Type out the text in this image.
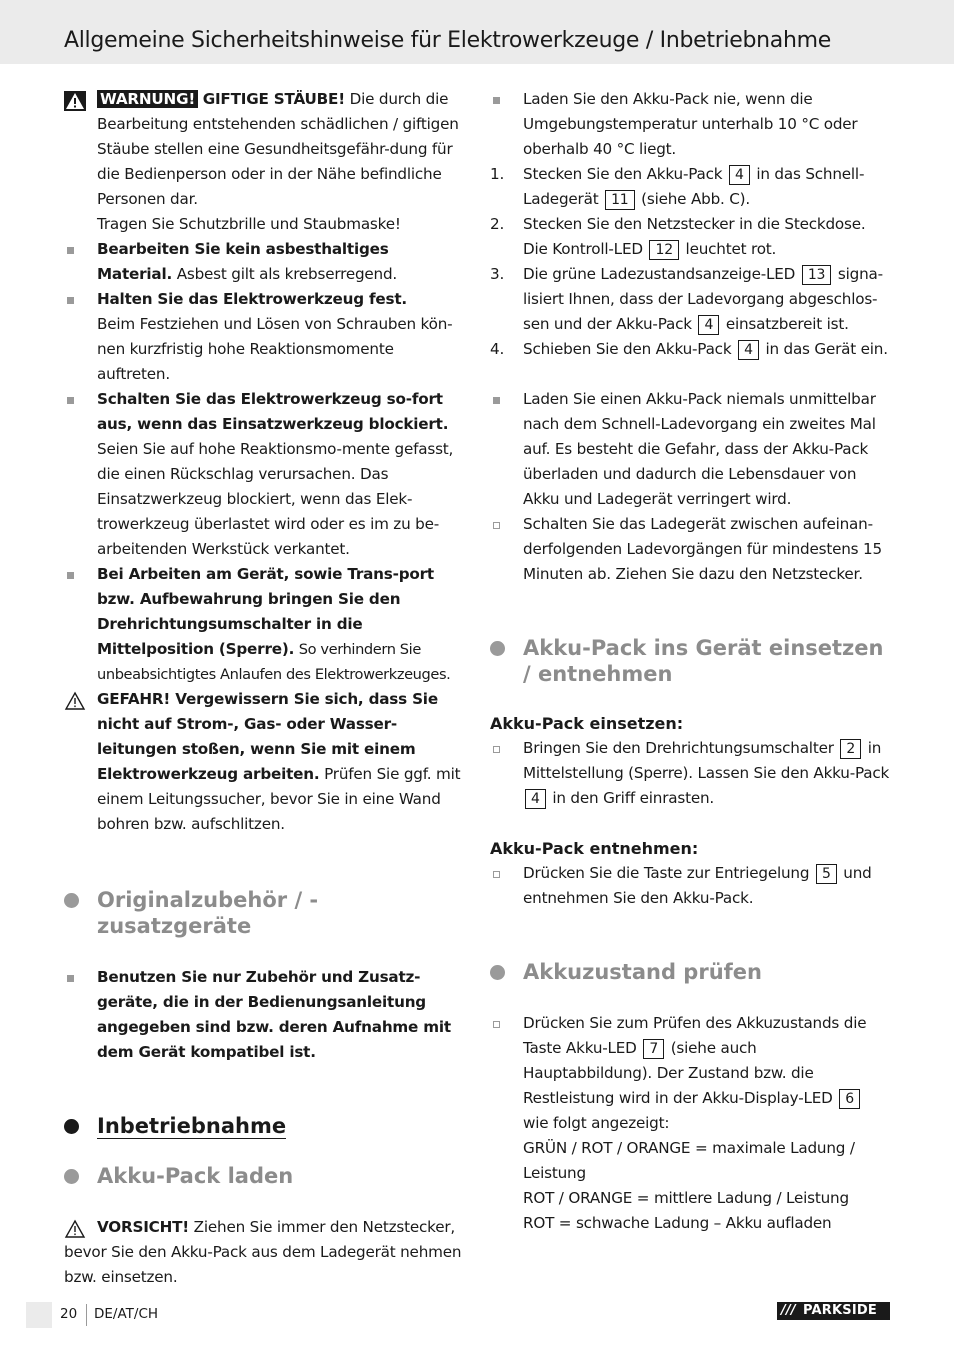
Allgemeine Sicherheitshinweise für Elektrowerkzeuge / Inbetriebnahme

WARNUNG! GIFTIGE STÄUBE! Die durch die Bearbeitung entstehenden schädlichen / giftigen Stäube stellen eine Gesundheitsgefähr-dung für die Bedienperson oder in der Nähe befindliche Personen dar.
Tragen Sie Schutzbrille und Staubmaske!

Bearbeiten Sie kein asbesthaltiges Material. Asbest gilt als krebserregend.

Halten Sie das Elektrowerkzeug fest.
Beim Festziehen und Lösen von Schrauben kön-nen kurzfristig hohe Reaktionsmomente auftreten.

Schalten Sie das Elektrowerkzeug so-fort aus, wenn das Einsatzwerkzeug blockiert. Seien Sie auf hohe Reaktionsmo-mente gefasst, die einen Rückschlag verursachen. Das Einsatzwerkzeug blockiert, wenn das Elek-trowerkzeug überlastet wird oder es im zu be-arbeitenden Werkstück verkantet.

Bei Arbeiten am Gerät, sowie Trans-port bzw. Aufbewahrung bringen Sie den Drehrichtungsumschalter in die Mittelposition (Sperre). So verhindern Sie unbeabsichtigtes Anlaufen des Elektrowerkzeuges.

GEFAHR! Vergewissern Sie sich, dass Sie nicht auf Strom-, Gas- oder Wasser-leitungen stoßen, wenn Sie mit einem Elektrowerkzeug arbeiten. Prüfen Sie ggf. mit einem Leitungssucher, bevor Sie in eine Wand bohren bzw. aufschlitzen.

Originalzubehör / -zusatzgeräte

Benutzen Sie nur Zubehör und Zusatz-geräte, die in der Bedienungsanleitung angegeben sind bzw. deren Aufnahme mit dem Gerät kompatibel ist.

Inbetriebnahme

Akku-Pack laden

VORSICHT! Ziehen Sie immer den Netzstecker, bevor Sie den Akku-Pack aus dem Ladegerät nehmen bzw. einsetzen.

Laden Sie den Akku-Pack nie, wenn die Umgebungstemperatur unterhalb 10 °C oder oberhalb 40 °C liegt.

1. Stecken Sie den Akku-Pack 4 in das Schnell-Ladegerät 11 (siehe Abb. C).

2. Stecken Sie den Netzstecker in die Steckdose. Die Kontroll-LED 12 leuchtet rot.

3. Die grüne Ladezustandsanzeige-LED 13 signa-lisiert Ihnen, dass der Ladevorgang abgeschlos-sen und der Akku-Pack 4 einsatzbereit ist.

4. Schieben Sie den Akku-Pack 4 in das Gerät ein.

Laden Sie einen Akku-Pack niemals unmittelbar nach dem Schnell-Ladevorgang ein zweites Mal auf. Es besteht die Gefahr, dass der Akku-Pack überladen und dadurch die Lebensdauer von Akku und Ladegerät verringert wird.

Schalten Sie das Ladegerät zwischen aufeinan-derfolgenden Ladevorgängen für mindestens 15 Minuten ab. Ziehen Sie dazu den Netzstecker.

Akku-Pack ins Gerät einsetzen / entnehmen

Akku-Pack einsetzen:

Bringen Sie den Drehrichtungsumschalter 2 in Mittelstellung (Sperre). Lassen Sie den Akku-Pack 4 in den Griff einrasten.

Akku-Pack entnehmen:

Drücken Sie die Taste zur Entriegelung 5 und entnehmen Sie den Akku-Pack.

Akkuzustand prüfen

Drücken Sie zum Prüfen des Akkuzustands die Taste Akku-LED 7 (siehe auch Hauptabbildung). Der Zustand bzw. die Restleistung wird in der Akku-Display-LED 6 wie folgt angezeigt:
GRÜN / ROT / ORANGE = maximale Ladung / Leistung
ROT / ORANGE = mittlere Ladung / Leistung
ROT = schwache Ladung – Akku aufladen

20 DE/AT/CH	/// PARKSIDE
